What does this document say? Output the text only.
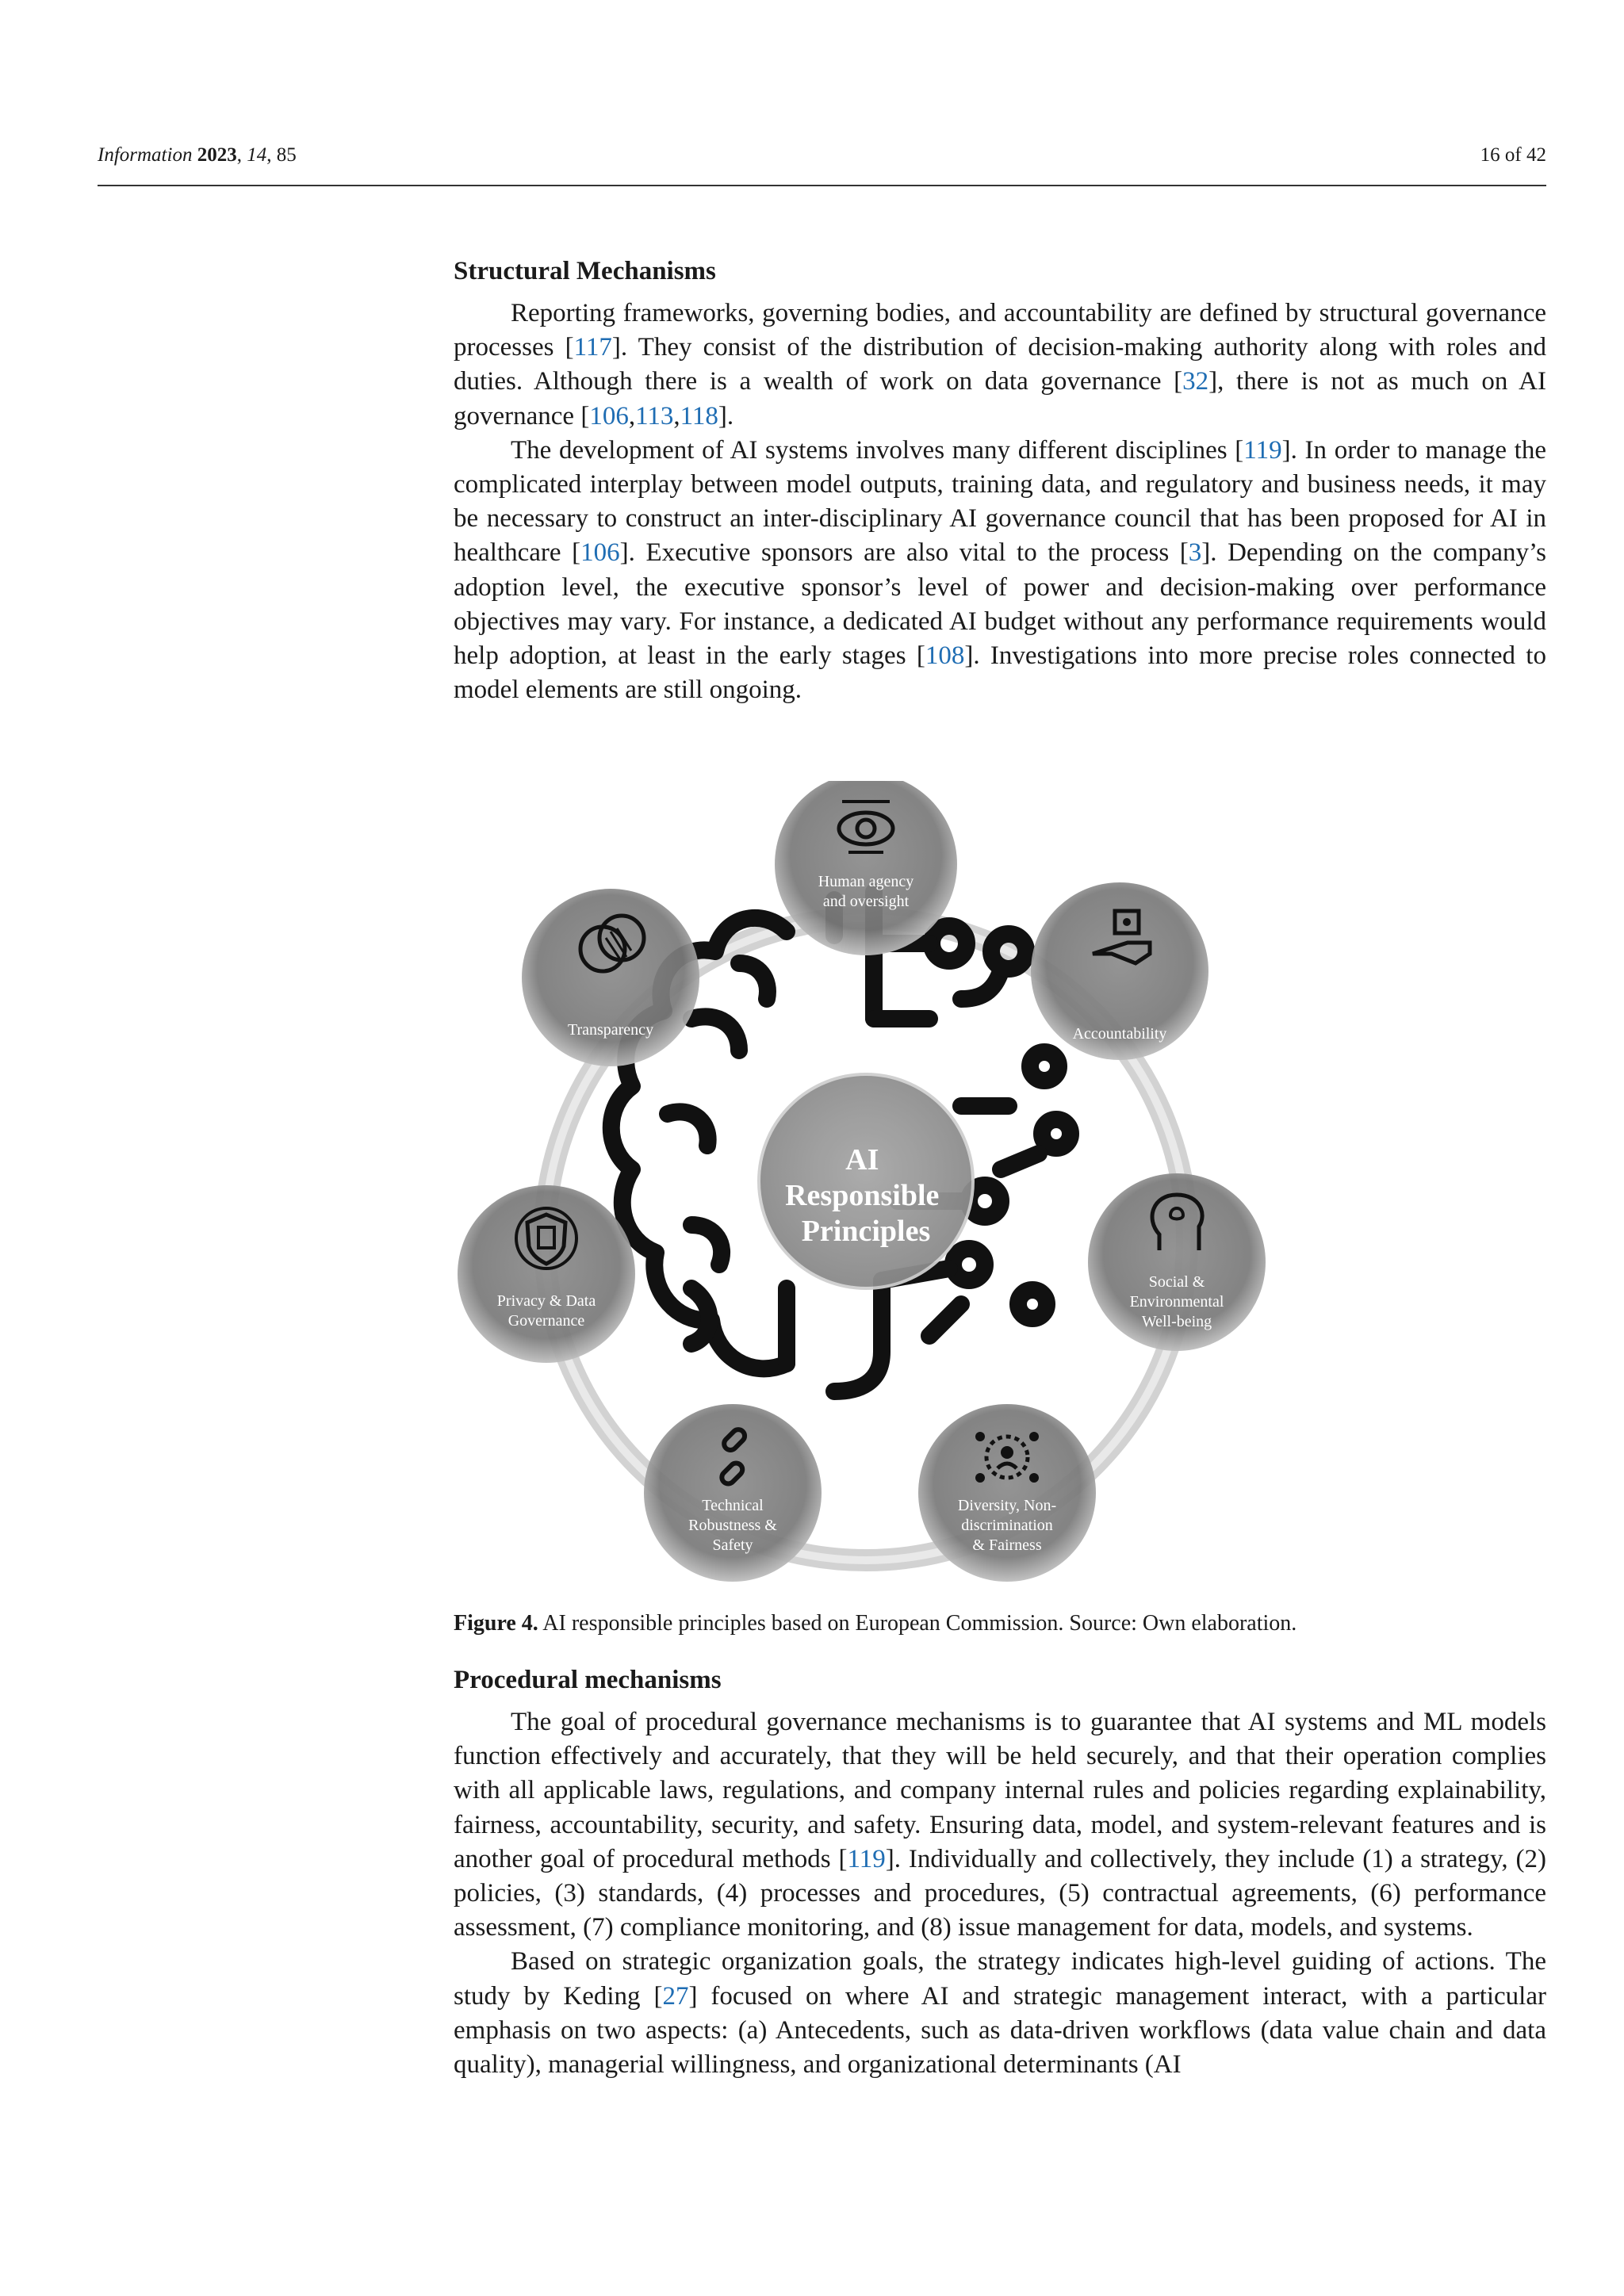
Information 2023, 14, 85	16 of 42
Structural Mechanisms

Reporting frameworks, governing bodies, and accountability are defined by structural governance processes [117]. They consist of the distribution of decision-making authority along with roles and duties. Although there is a wealth of work on data governance [32], there is not as much on AI governance [106,113,118].

The development of AI systems involves many different disciplines [119]. In order to manage the complicated interplay between model outputs, training data, and regulatory and business needs, it may be necessary to construct an inter-disciplinary AI governance council that has been proposed for AI in healthcare [106]. Executive sponsors are also vital to the process [3]. Depending on the company’s adoption level, the executive sponsor’s level of power and decision-making over performance objectives may vary. For instance, a dedicated AI budget without any performance requirements would help adoption, at least in the early stages [108]. Investigations into more precise roles connected to model elements are still ongoing.

AI Responsible Principles
Human agency and oversight
Accountability
Social & Environmental Well-being
Diversity, Non-discrimination & Fairness
Technical Robustness & Safety
Privacy & Data Governance
Transparency
Figure 4. AI responsible principles based on European Commission. Source: Own elaboration.
Procedural mechanisms

The goal of procedural governance mechanisms is to guarantee that AI systems and ML models function effectively and accurately, that they will be held securely, and that their operation complies with all applicable laws, regulations, and company internal rules and policies regarding explainability, fairness, accountability, security, and safety. Ensuring data, model, and system-relevant features and is another goal of procedural methods [119]. Individually and collectively, they include (1) a strategy, (2) policies, (3) standards, (4) processes and procedures, (5) contractual agreements, (6) performance assessment, (7) compliance monitoring, and (8) issue management for data, models, and systems.

Based on strategic organization goals, the strategy indicates high-level guiding of actions. The study by Keding [27] focused on where AI and strategic management interact, with a particular emphasis on two aspects: (a) Antecedents, such as data-driven workflows (data value chain and data quality), managerial willingness, and organizational determinants (AI
